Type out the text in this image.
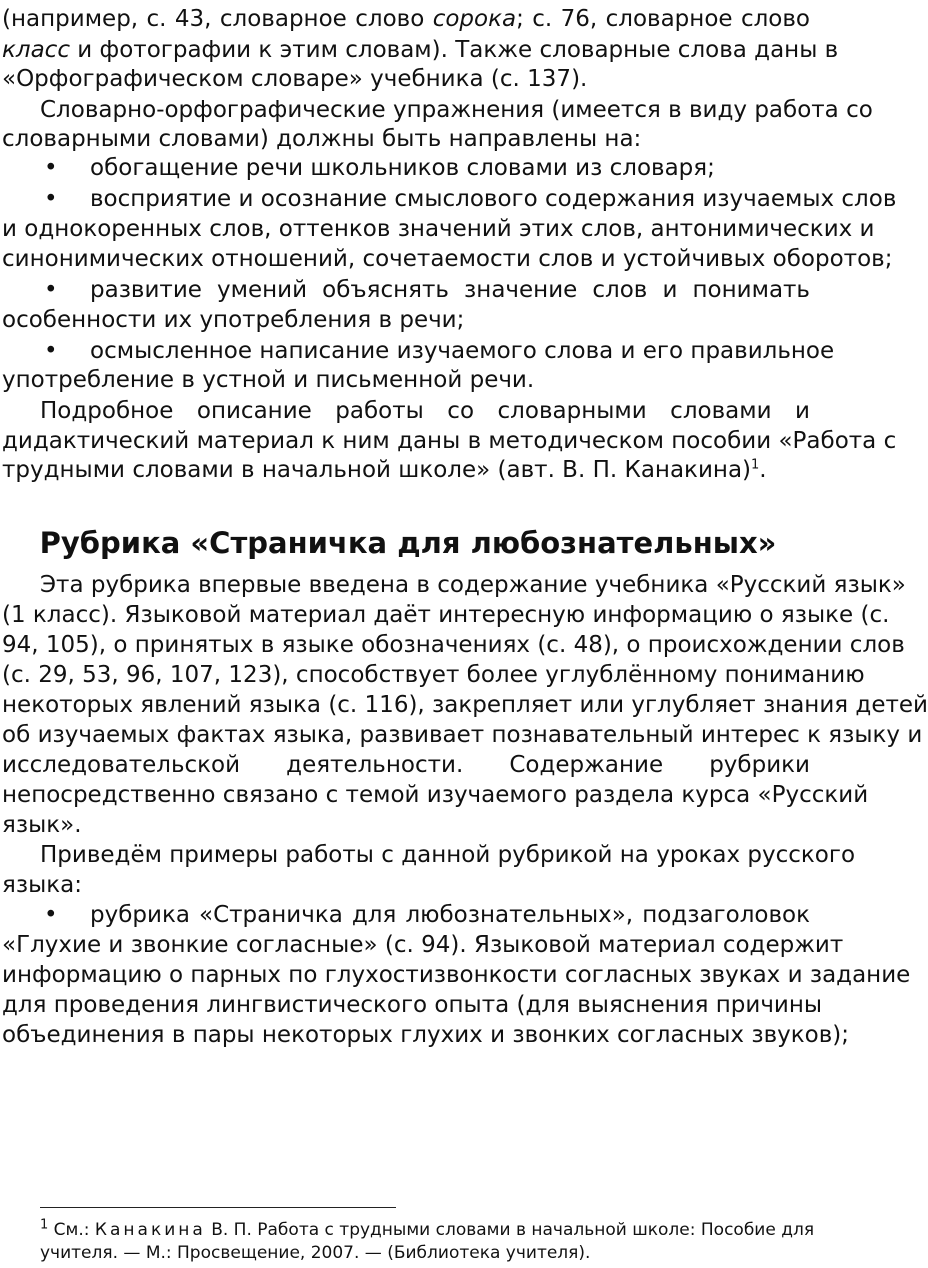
(например, с. 43, словарное слово сорока; с. 76, словарное слово
класс и фотографии к этим словам). Также словарные слова даны в
«Орфографическом словаре» учебника (с. 137).
Словарно-орфографические упражнения (имеется в виду работа со
словарными словами) должны быть направлены на:
• обогащение речи школьников словами из словаря;
• восприятие и осознание смыслового содержания изучаемых слов
и однокоренных слов, оттенков значений этих слов, антонимических и
синонимических отношений, сочетаемости слов и устойчивых оборотов;
• развитие умений объяснять значение слов и понимать
особенности их употребления в речи;
• осмысленное написание изучаемого слова и его правильное
употребление в устной и письменной речи.
Подробное описание работы со словарными словами и
дидактический материал к ним даны в методическом пособии «Работа с
трудными словами в начальной школе» (авт. В. П. Канакина)$^1$.
Рубрика «Страничка для любознательных»
Эта рубрика впервые введена в содержание учебника «Русский язык»
(1 класс). Языковой материал даёт интересную информацию о языке (с.
94, 105), о принятых в языке обозначениях (с. 48), о происхождении слов
(с. 29, 53, 96, 107, 123), способствует более углублённому пониманию
некоторых явлений языка (с. 116), закрепляет или углубляет знания детей
об изучаемых фактах языка, развивает познавательный интерес к языку и
исследовательской деятельности. Содержание рубрики
непосредственно связано с темой изучаемого раздела курса «Русский
язык».
Приведём примеры работы с данной рубрикой на уроках русского
языка:
• рубрика «Страничка для любознательных», подзаголовок
«Глухие и звонкие согласные» (с. 94). Языковой материал содержит
информацию о парных по глухостизвонкости согласных звуках и задание
для проведения лингвистического опыта (для выяснения причины
объединения в пары некоторых глухих и звонких согласных звуков);
$^1$ См.: Канакина В. П. Работа с трудными словами в начальной школе: Пособие для
учителя. — М.: Просвещение, 2007. — (Библиотека учителя).
